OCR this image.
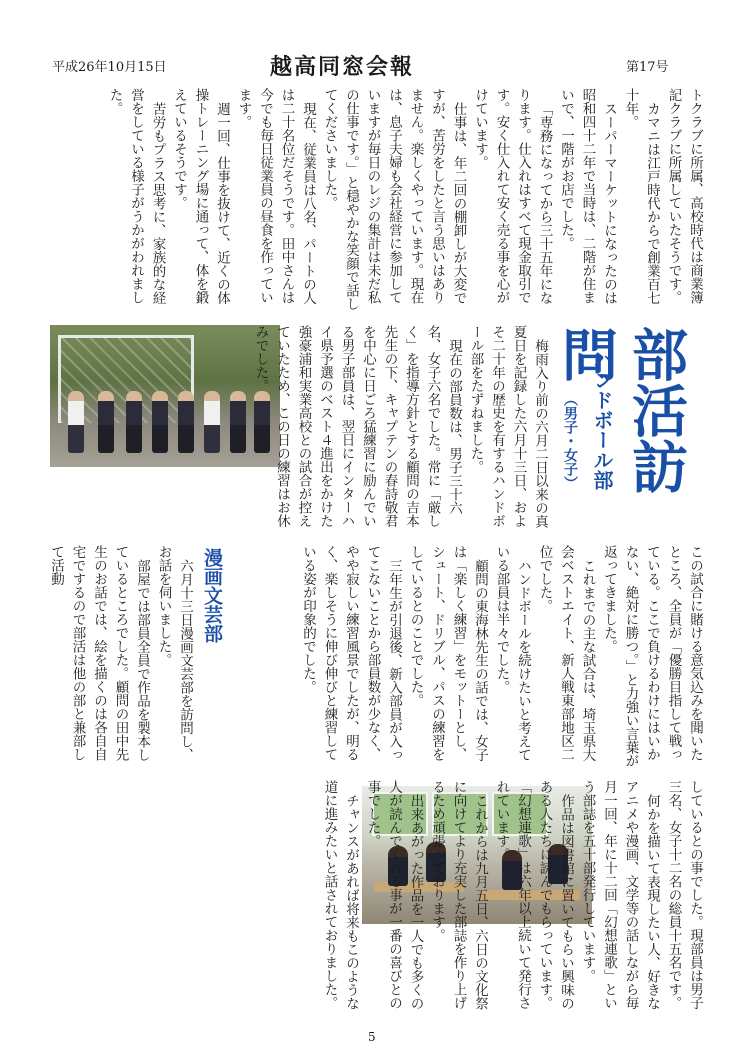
平成26年10月15日	越高同窓会報	第17号

トクラブに所属、高校時代は商業簿記クラブに所属していたそうです。

カマニは江戸時代からで創業百七十年。

スーパーマーケットになったのは昭和四十二年で当時は、二階が住まいで、一階がお店でした。

「専務になってから三十五年になります。仕入れはすべて現金取引です。安く仕入れて安く売る事を心がけています。

仕事は、年二回の棚卸しが大変ですが、苦労をしたと言う思いはありません。楽しくやっています。現在は、息子夫婦も会社経営に参加していますが毎日のレジの集計は未だ私の仕事です。」と穏やかな笑顔で話してくださいました。

現在、従業員は八名、パートの人は二十名位だそうです。田中さんは今でも毎日従業員の昼食を作っています。

週一回、仕事を抜けて、近くの体操トレーニング場に通って、体を鍛えているそうです。

苦労もプラス思考に、家族的な経営をしている様子がうかがわれました。

部活訪問
ハンドボール部
（男子・女子）

梅雨入り前の六月二日以来の真夏日を記録した六月十三日、およそ二十年の歴史を有するハンドボール部をたずねました。

現在の部員数は、男子三十六名、女子六名でした。常に「厳しく」を指導方針とする顧問の吉本先生の下、キャプテンの春詩敬君を中心に日ごろ猛練習に励んでいる男子部員は、翌日にインターハイ県予選のベスト４進出をかけた強豪浦和実業高校との試合が控えていたため、この日の練習はお休みでした。

この試合に賭ける意気込みを聞いたところ、全員が「優勝目指して戦っている。ここで負けるわけにはいかない、絶対に勝つ。」と力強い言葉が返ってきました。

これまでの主な試合は、埼玉県大会ベストエイト、新人戦東部地区二位でした。

ハンドボールを続けたいと考えている部員は半々でした。

顧問の東海林先生の話では、女子は「楽しく練習」をモットーとし、シュート、ドリブル、パスの練習をしているとのことでした。

三年生が引退後、新入部員が入ってこないことから部員数が少なく、やや寂しい練習風景でしたが、明るく、楽しそうに伸び伸びと練習している姿が印象的でした。

漫画文芸部

六月十三日漫画文芸部を訪問し、お話を伺いました。

部屋では部員全員で作品を製本しているところでした。顧問の田中先生のお話では、絵を描くのは各自自宅でするので部活は他の部と兼部して活動

しているとの事でした。現部員は男子三名、女子十二名の総員十五名です。

何かを描いて表現したい人、好きなアニメや漫画、文学等の話しながら毎月一回、年に十二回「幻想連歌」という部誌を五十部発行しています。

作品は図書館に置いてもらい興味のある人たちに読んでもらっています。「幻想連歌」は六年以上続いて発行されています。

これからは九月五日、六日の文化祭に向けてより充実した部誌を作り上げるため頑張っております。

出来あがった作品を一人でも多くの人が読んでくれる事が一番の喜びとの事でした。

チャンスがあれば将来もこのような道に進みたいと話されておりました。

5
